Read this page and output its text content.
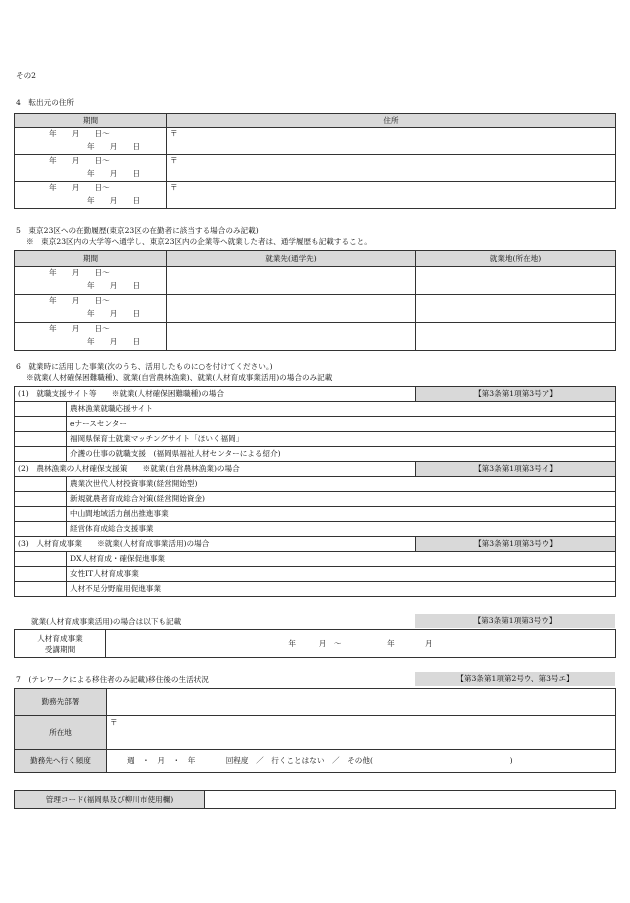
その2
4　転出元の住所
期間	住所

年　　月　　日〜
年　　月　　日	〒

年　　月　　日〜
年　　月　　日	〒

年　　月　　日〜
年　　月　　日	〒
5　東京23区への在勤履歴(東京23区の在勤者に該当する場合のみ記載)
※　東京23区内の大学等へ通学し、東京23区内の企業等へ就業した者は、通学履歴も記載すること。
期間	就業先(通学先)	就業地(所在地)

年　　月　　日〜
年　　月　　日		

年　　月　　日〜
年　　月　　日		

年　　月　　日〜
年　　月　　日		

6　就業時に活用した事業(次のうち、活用したものに○を付けてください。)
※就業(人材確保困難職種)、就業(自営農林漁業)、就業(人材育成事業活用)の場合のみ記載
(1)　就職支援サイト等　　※就業(人材確保困難職種)の場合		【第3条第1項第3号ア】
	農林漁業就職応援サイト	
	eナースセンター	
	福岡県保育士就業マッチングサイト「ほいく福岡」	
	介護の仕事の就職支援　(福岡県福祉人材センターによる紹介)	
(2)　農林漁業の人材確保支援策　　※就業(自営農林漁業)の場合		【第3条第1項第3号イ】
	農業次世代人材投資事業(経営開始型)	
	新規就農者育成総合対策(経営開始資金)	
	中山間地域活力創出推進事業	
	経営体育成総合支援事業	
(3)　人材育成事業　　※就業(人材育成事業活用)の場合		【第3条第1項第3号ウ】
	DX人材育成・確保促進事業	
	女性IT人材育成事業	
	人材不足分野雇用促進事業	
就業(人材育成事業活用)の場合は以下も記載	【第3条第1項第3号ウ】
人材育成事業
受講期間	年　　　月　〜　　　　　　年　　　　月
7　(テレワークによる移住者のみ記載)移住後の生活状況	【第3条第1項第2号ウ、第3号エ】
勤務先部署	
所在地	〒
勤務先へ行く頻度	週　・　月　・　年　　　　回程度　／　行くことはない　／　その他(　　　　　　　　　　　　　　　　　　)
管理コード(福岡県及び柳川市使用欄)	
